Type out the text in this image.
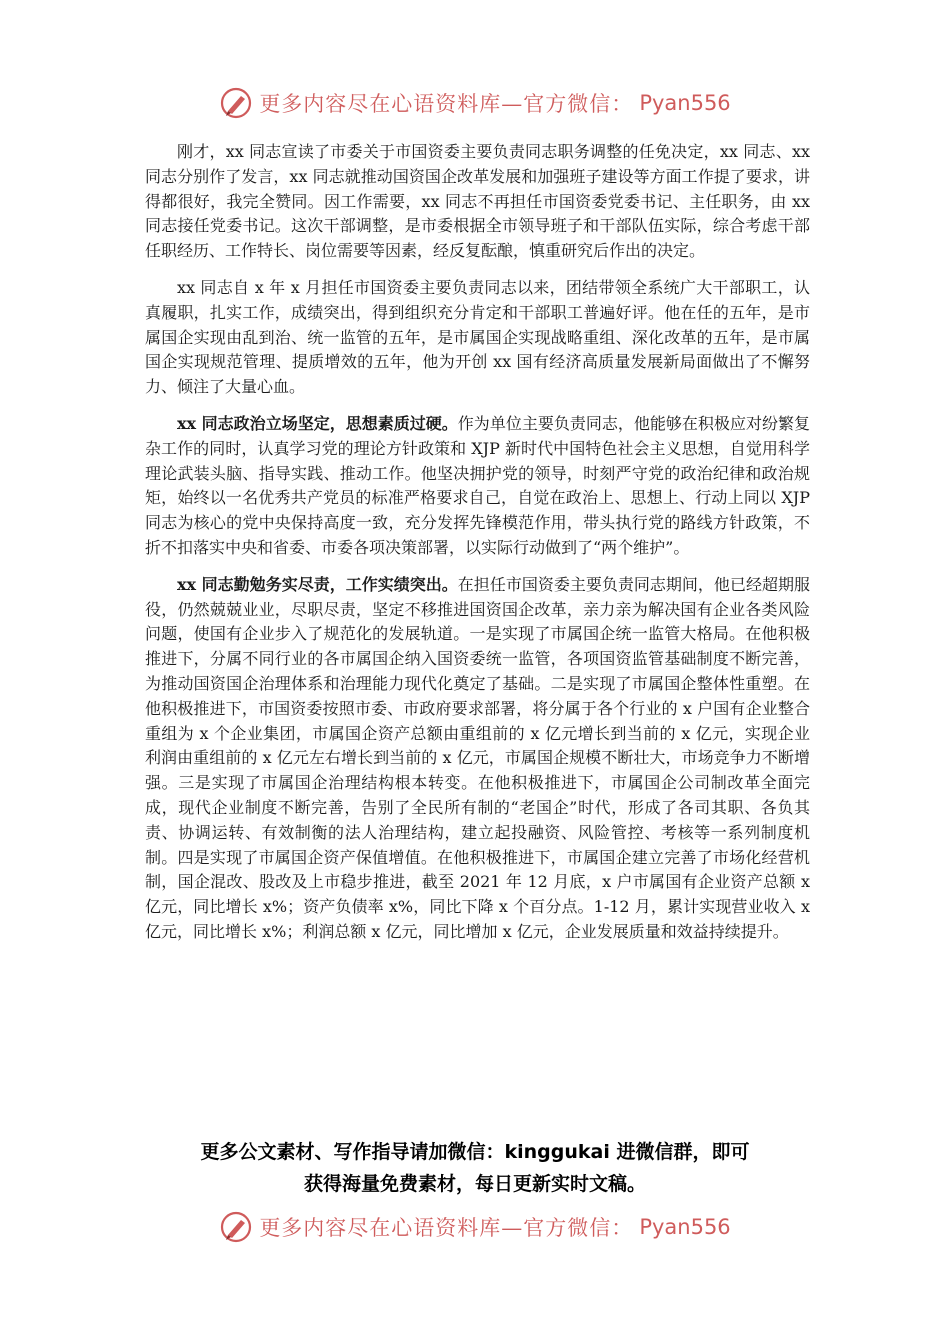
更多内容尽在心语资料库—官方微信： Pyan556

刚才，xx 同志宣读了市委关于市国资委主要负责同志职务调整的任免决定，xx 同志、xx 同志分别作了发言，xx 同志就推动国资国企改革发展和加强班子建设等方面工作提了要求，讲得都很好，我完全赞同。因工作需要，xx 同志不再担任市国资委党委书记、主任职务，由 xx 同志接任党委书记。这次干部调整，是市委根据全市领导班子和干部队伍实际，综合考虑干部任职经历、工作特长、岗位需要等因素，经反复酝酿，慎重研究后作出的决定。

xx 同志自 x 年 x 月担任市国资委主要负责同志以来，团结带领全系统广大干部职工，认真履职，扎实工作，成绩突出，得到组织充分肯定和干部职工普遍好评。他在任的五年，是市属国企实现由乱到治、统一监管的五年，是市属国企实现战略重组、深化改革的五年，是市属国企实现规范管理、提质增效的五年，他为开创 xx 国有经济高质量发展新局面做出了不懈努力、倾注了大量心血。

xx 同志政治立场坚定，思想素质过硬。作为单位主要负责同志，他能够在积极应对纷繁复杂工作的同时，认真学习党的理论方针政策和 XJP 新时代中国特色社会主义思想，自觉用科学理论武装头脑、指导实践、推动工作。他坚决拥护党的领导，时刻严守党的政治纪律和政治规矩，始终以一名优秀共产党员的标准严格要求自己，自觉在政治上、思想上、行动上同以 XJP 同志为核心的党中央保持高度一致，充分发挥先锋模范作用，带头执行党的路线方针政策，不折不扣落实中央和省委、市委各项决策部署，以实际行动做到了“两个维护”。

xx 同志勤勉务实尽责，工作实绩突出。在担任市国资委主要负责同志期间，他已经超期服役，仍然兢兢业业，尽职尽责，坚定不移推进国资国企改革，亲力亲为解决国有企业各类风险问题，使国有企业步入了规范化的发展轨道。一是实现了市属国企统一监管大格局。在他积极推进下，分属不同行业的各市属国企纳入国资委统一监管，各项国资监管基础制度不断完善，为推动国资国企治理体系和治理能力现代化奠定了基础。二是实现了市属国企整体性重塑。在他积极推进下，市国资委按照市委、市政府要求部署，将分属于各个行业的 x 户国有企业整合重组为 x 个企业集团，市属国企资产总额由重组前的 x 亿元增长到当前的 x 亿元，实现企业利润由重组前的 x 亿元左右增长到当前的 x 亿元，市属国企规模不断壮大，市场竞争力不断增强。三是实现了市属国企治理结构根本转变。在他积极推进下，市属国企公司制改革全面完成，现代企业制度不断完善，告别了全民所有制的“老国企”时代，形成了各司其职、各负其责、协调运转、有效制衡的法人治理结构，建立起投融资、风险管控、考核等一系列制度机制。四是实现了市属国企资产保值增值。在他积极推进下，市属国企建立完善了市场化经营机制，国企混改、股改及上市稳步推进，截至 2021 年 12 月底，x 户市属国有企业资产总额 x 亿元，同比增长 x%；资产负债率 x%，同比下降 x 个百分点。1-12 月，累计实现营业收入 x 亿元，同比增长 x%；利润总额 x 亿元，同比增加 x 亿元，企业发展质量和效益持续提升。

更多公文素材、写作指导请加微信：kinggukai 进微信群，即可
获得海量免费素材，每日更新实时文稿。
更多内容尽在心语资料库—官方微信： Pyan556
